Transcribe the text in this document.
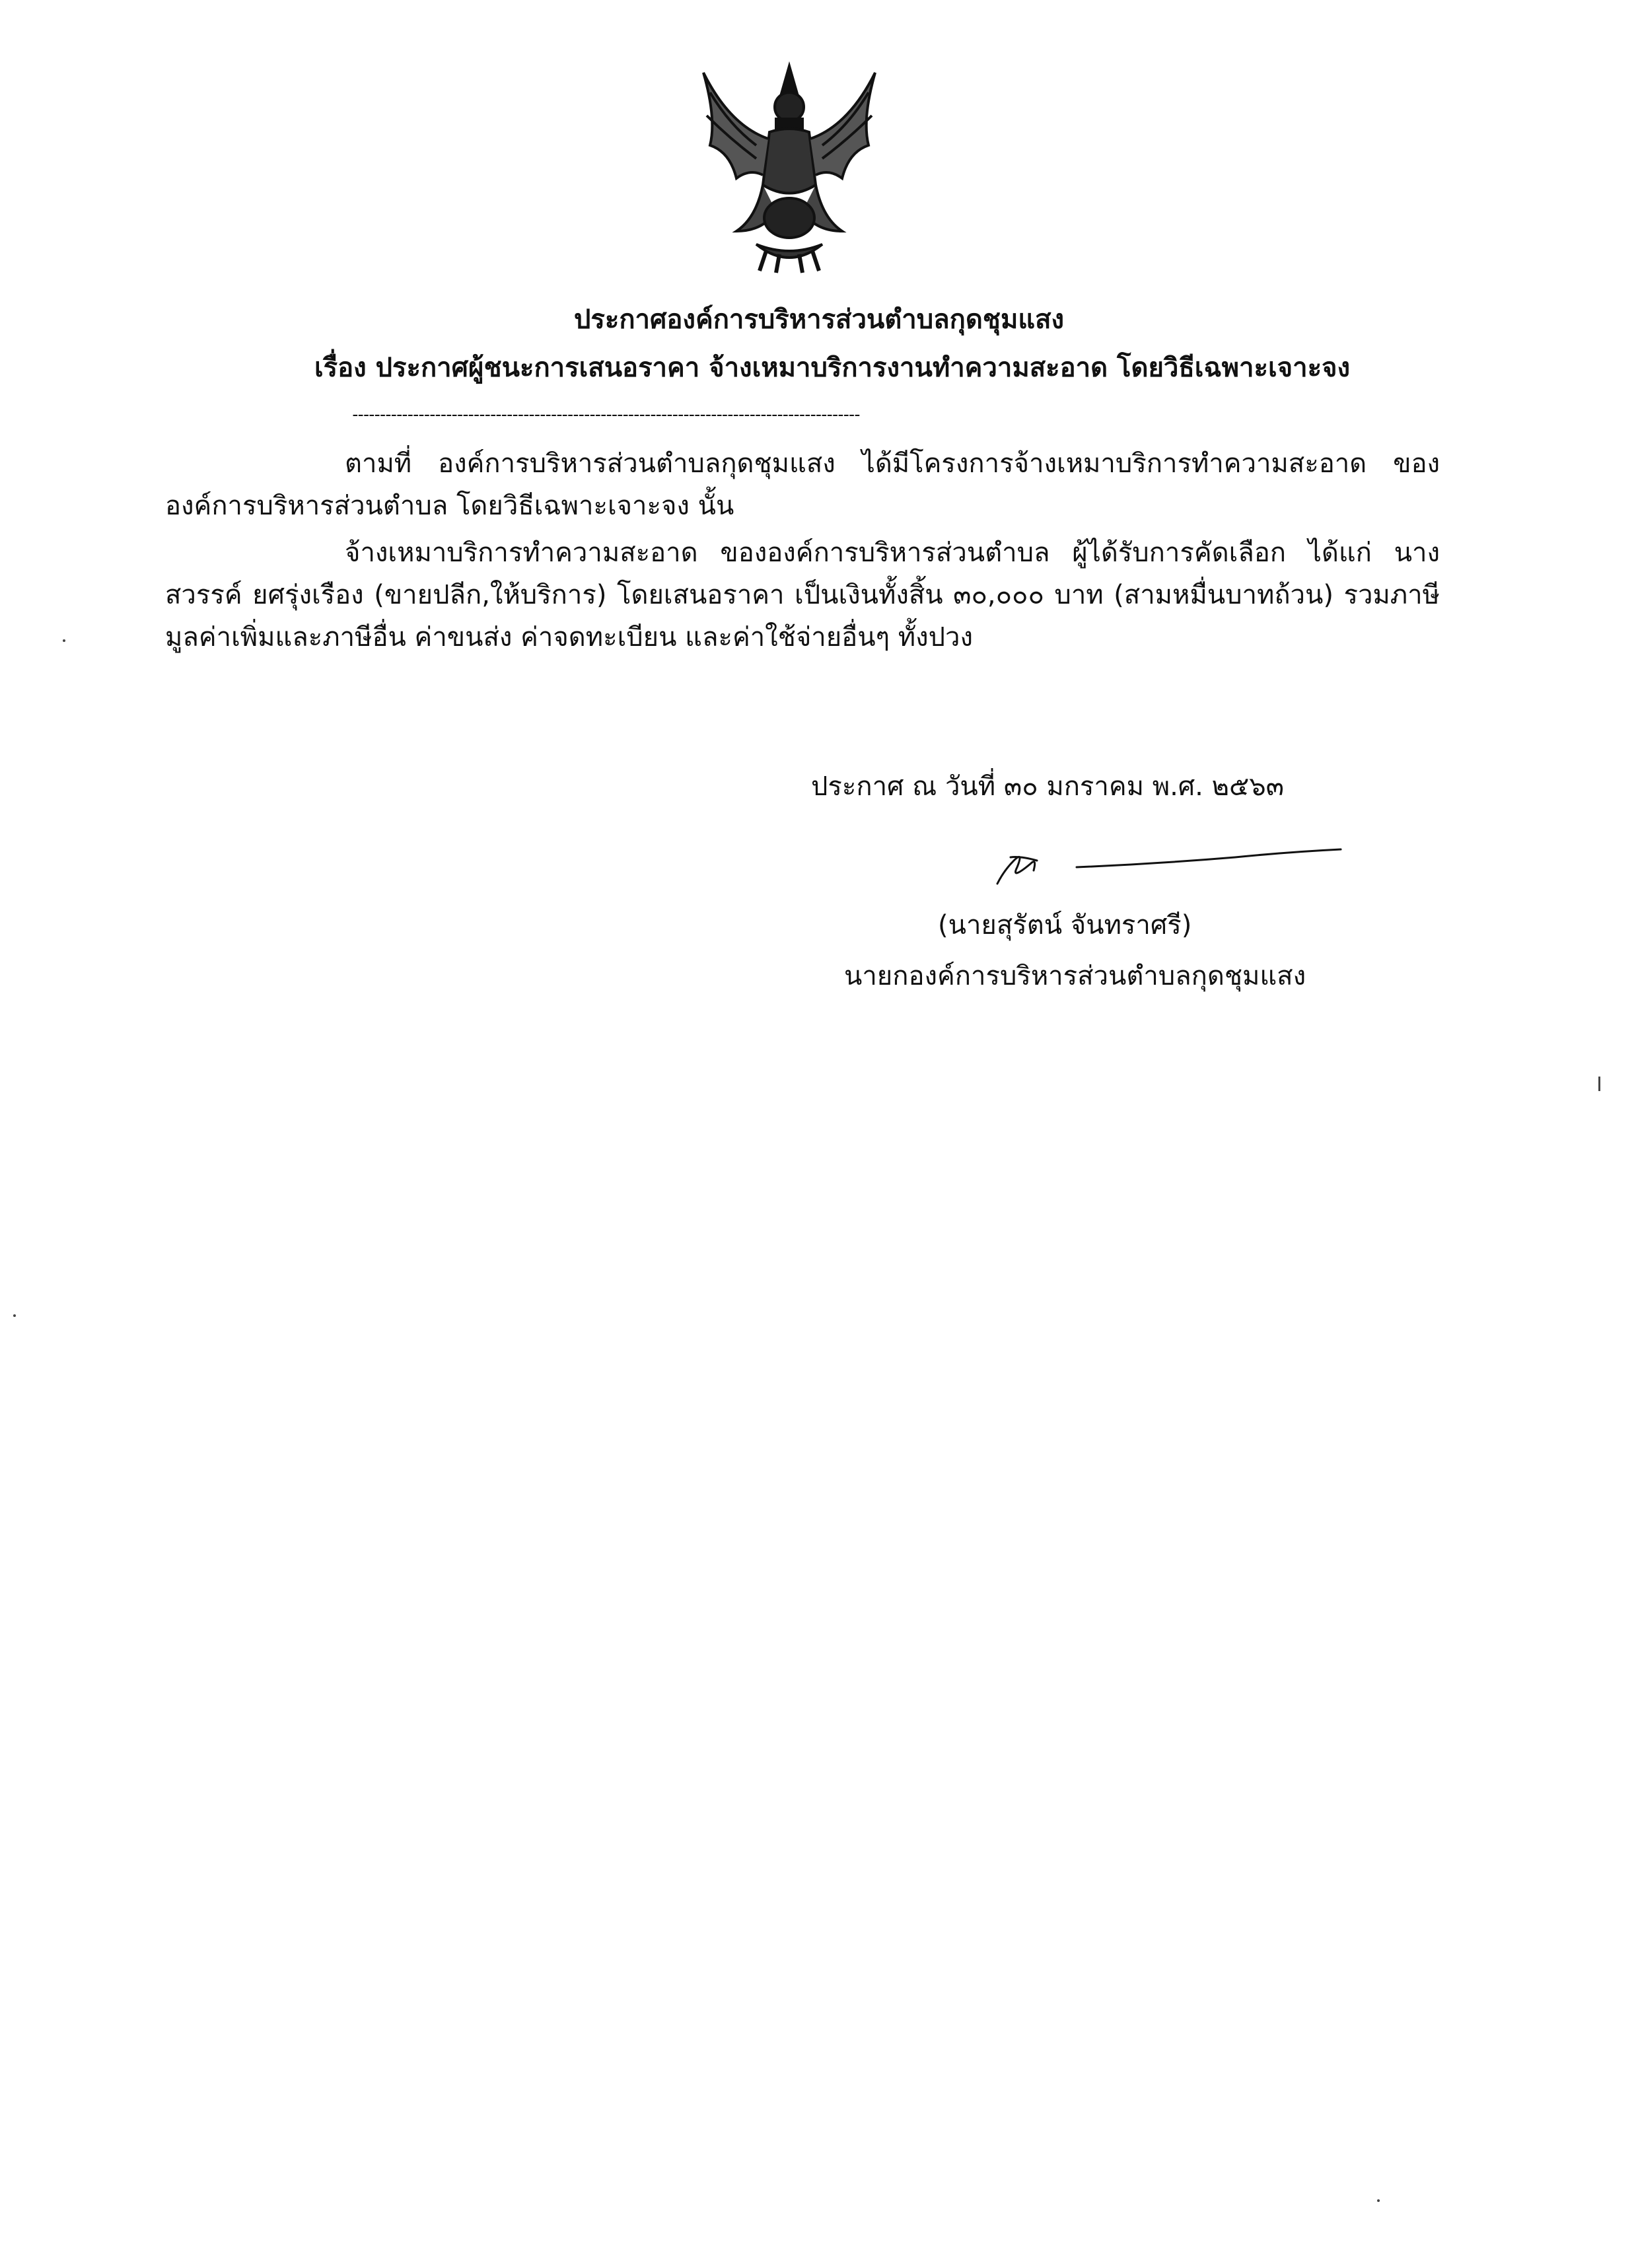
ประกาศองค์การบริหารส่วนตำบลกุดชุมแสง
เรื่อง ประกาศผู้ชนะการเสนอราคา จ้างเหมาบริการงานทำความสะอาด โดยวิธีเฉพาะเจาะจง
--------------------------------------------------------------------------------------------
ตามที่ องค์การบริหารส่วนตำบลกุดชุมแสง ได้มีโครงการจ้างเหมาบริการทำความสะอาด ขององค์การบริหารส่วนตำบล โดยวิธีเฉพาะเจาะจง นั้น
จ้างเหมาบริการทำความสะอาด ขององค์การบริหารส่วนตำบล ผู้ได้รับการคัดเลือก ได้แก่ นางสวรรค์ ยศรุ่งเรือง (ขายปลีก,ให้บริการ) โดยเสนอราคา เป็นเงินทั้งสิ้น ๓๐,๐๐๐ บาท (สามหมื่นบาทถ้วน) รวมภาษีมูลค่าเพิ่มและภาษีอื่น ค่าขนส่ง ค่าจดทะเบียน และค่าใช้จ่ายอื่นๆ ทั้งปวง
ประกาศ ณ วันที่ ๓๐ มกราคม พ.ศ. ๒๕๖๓
(นายสุรัตน์ จันทราศรี)
นายกองค์การบริหารส่วนตำบลกุดชุมแสง
